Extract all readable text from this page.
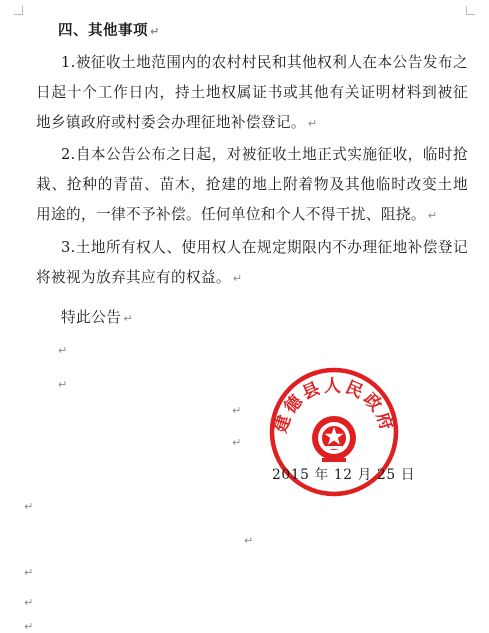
四、其他事项 ↵
1.被征收土地范围内的农村村民和其他权利人在本公告发布之日起十个工作日内，持土地权属证书或其他有关证明材料到被征地乡镇政府或村委会办理征地补偿登记。 ↵
2.自本公告公布之日起，对被征收土地正式实施征收，临时抢栽、抢种的青苗、苗木，抢建的地上附着物及其他临时改变土地用途的，一律不予补偿。任何单位和个人不得干扰、阻挠。 ↵
3.土地所有权人、使用权人在规定期限内不办理征地补偿登记将被视为放弃其应有的权益。 ↵
特此公告 ↵
↵
↵
↵
↵
↵
↵
↵
↵
↵
建德县人民政府
2015 年 12 月 25 日
